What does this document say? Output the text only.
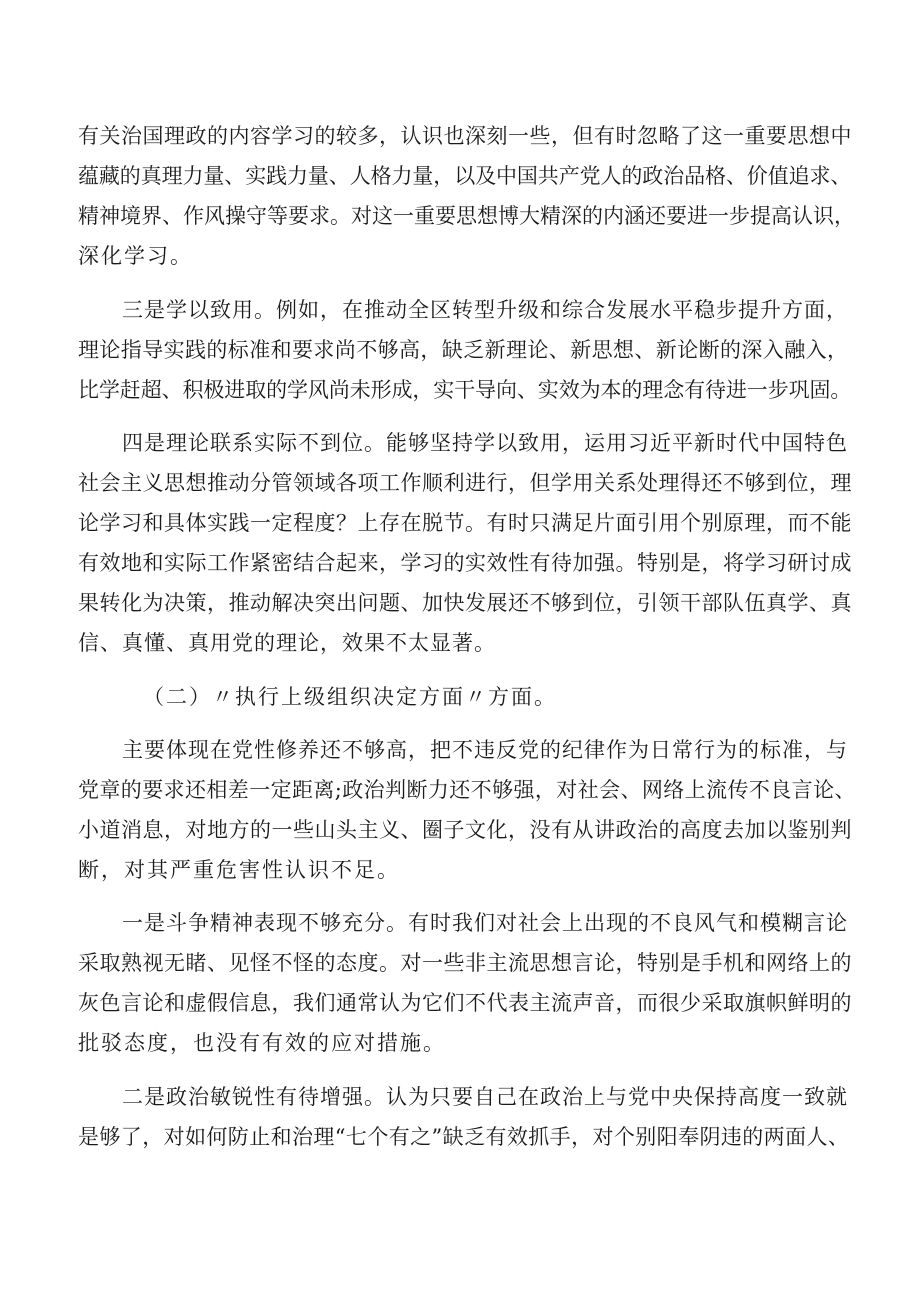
有关治国理政的内容学习的较多，认识也深刻一些，但有时忽略了这一重要思想中
蕴藏的真理力量、实践力量、人格力量，以及中国共产党人的政治品格、价值追求、
精神境界、作风操守等要求。对这一重要思想博大精深的内涵还要进一步提高认识，
深化学习。
三是学以致用。例如，在推动全区转型升级和综合发展水平稳步提升方面，
理论指导实践的标准和要求尚不够高，缺乏新理论、新思想、新论断的深入融入，
比学赶超、积极进取的学风尚未形成，实干导向、实效为本的理念有待进一步巩固。
四是理论联系实际不到位。能够坚持学以致用，运用习近平新时代中国特色
社会主义思想推动分管领域各项工作顺利进行，但学用关系处理得还不够到位，理
论学习和具体实践一定程度？上存在脱节。有时只满足片面引用个别原理，而不能
有效地和实际工作紧密结合起来，学习的实效性有待加强。特别是，将学习研讨成
果转化为决策，推动解决突出问题、加快发展还不够到位，引领干部队伍真学、真
信、真懂、真用党的理论，效果不太显著。
（二）〃执行上级组织决定方面〃方面。
主要体现在党性修养还不够高，把不违反党的纪律作为日常行为的标准，与
党章的要求还相差一定距离;政治判断力还不够强，对社会、网络上流传不良言论、
小道消息，对地方的一些山头主义、圈子文化，没有从讲政治的高度去加以鉴别判
断，对其严重危害性认识不足。
一是斗争精神表现不够充分。有时我们对社会上出现的不良风气和模糊言论
采取熟视无睹、见怪不怪的态度。对一些非主流思想言论，特别是手机和网络上的
灰色言论和虚假信息，我们通常认为它们不代表主流声音，而很少采取旗帜鲜明的
批驳态度，也没有有效的应对措施。
二是政治敏锐性有待增强。认为只要自己在政治上与党中央保持高度一致就
是够了，对如何防止和治理“七个有之”缺乏有效抓手，对个别阳奉阴违的两面人、
